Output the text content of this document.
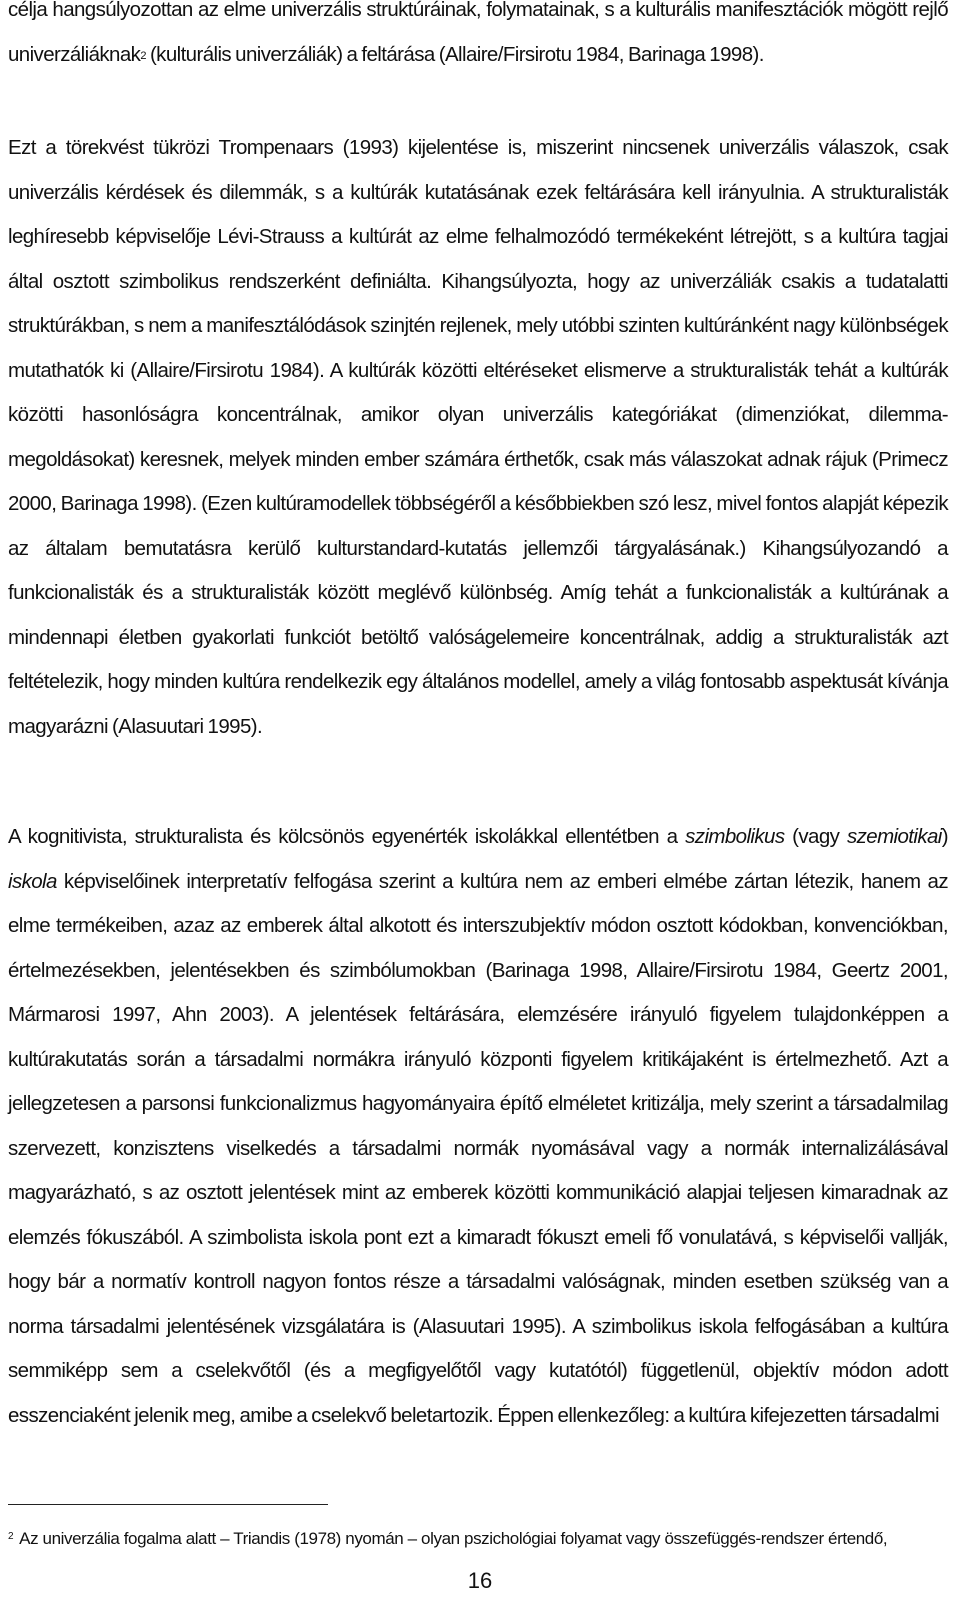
célja hangsúlyozottan az elme univerzális struktúráinak, folymatainak, s a kulturális manifesztációk mögött rejlő univerzáliáknak$^2$ (kulturális univerzáliák) a feltárása (Allaire/Firsirotu 1984, Barinaga 1998).

Ezt a törekvést tükrözi Trompenaars (1993) kijelentése is, miszerint nincsenek univerzális válaszok, csak univerzális kérdések és dilemmák, s a kultúrák kutatásának ezek feltárására kell irányulnia. A strukturalisták leghíresebb képviselője Lévi-Strauss a kultúrát az elme felhalmozódó termékeként létrejött, s a kultúra tagjai által osztott szimbolikus rendszerként definiálta. Kihangsúlyozta, hogy az univerzáliák csakis a tudatalatti struktúrákban, s nem a manifesztálódások szinjtén rejlenek, mely utóbbi szinten kultúránként nagy különbségek mutathatók ki (Allaire/Firsirotu 1984). A kultúrák közötti eltéréseket elismerve a strukturalisták tehát a kultúrák közötti hasonlóságra koncentrálnak, amikor olyan univerzális kategóriákat (dimenziókat, dilemma-megoldásokat) keresnek, melyek minden ember számára érthetők, csak más válaszokat adnak rájuk (Primecz 2000, Barinaga 1998). (Ezen kultúramodellek többségéről a későbbiekben szó lesz, mivel fontos alapját képezik az általam bemutatásra kerülő kulturstandard-kutatás jellemzői tárgyalásának.) Kihangsúlyozandó a funkcionalisták és a strukturalisták között meglévő különbség. Amíg tehát a funkcionalisták a kultúrának a mindennapi életben gyakorlati funkciót betöltő valóságelemeire koncentrálnak, addig a strukturalisták azt feltételezik, hogy minden kultúra rendelkezik egy általános modellel, amely a világ fontosabb aspektusát kívánja magyarázni (Alasuutari 1995).

A kognitivista, strukturalista és kölcsönös egyenérték iskolákkal ellentétben a szimbolikus (vagy szemiotikai) iskola képviselőinek interpretatív felfogása szerint a kultúra nem az emberi elmébe zártan létezik, hanem az elme termékeiben, azaz az emberek által alkotott és interszubjektív módon osztott kódokban, konvenciókban, értelmezésekben, jelentésekben és szimbólumokban (Barinaga 1998, Allaire/Firsirotu 1984, Geertz 2001, Mármarosi 1997, Ahn 2003). A jelentések feltárására, elemzésére irányuló figyelem tulajdonképpen a kultúrakutatás során a társadalmi normákra irányuló központi figyelem kritikájaként is értelmezhető. Azt a jellegzetesen a parsonsi funkcionalizmus hagyományaira építő elméletet kritizálja, mely szerint a társadalmilag szervezett, konzisztens viselkedés a társadalmi normák nyomásával vagy a normák internalizálásával magyarázható, s az osztott jelentések mint az emberek közötti kommunikáció alapjai teljesen kimaradnak az elemzés fókuszából. A szimbolista iskola pont ezt a kimaradt fókuszt emeli fő vonulatává, s képviselői vallják, hogy bár a normatív kontroll nagyon fontos része a társadalmi valóságnak, minden esetben szükség van a norma társadalmi jelentésének vizsgálatára is (Alasuutari 1995). A szimbolikus iskola felfogásában a kultúra semmiképp sem a cselekvőtől (és a megfigyelőtől vagy kutatótól) függetlenül, objektív módon adott esszenciaként jelenik meg, amibe a cselekvő beletartozik. Éppen ellenkezőleg: a kultúra kifejezetten társadalmi

$^2$ Az univerzália fogalma alatt – Triandis (1978) nyomán – olyan pszichológiai folyamat vagy összefüggés-rendszer értendő,
16
